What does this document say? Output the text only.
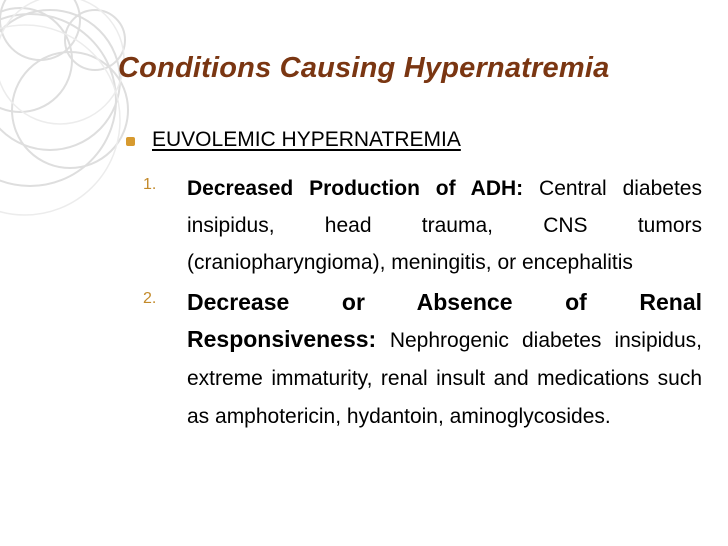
Conditions Causing Hypernatremia
EUVOLEMIC HYPERNATREMIA
1.	Decreased Production of ADH: Central diabetes insipidus, head trauma, CNS tumors (craniopharyngioma), meningitis, or encephalitis
2.	Decrease or Absence of Renal Responsiveness: Nephrogenic diabetes insipidus, extreme immaturity, renal insult and medications such as amphotericin, hydantoin, aminoglycosides.
